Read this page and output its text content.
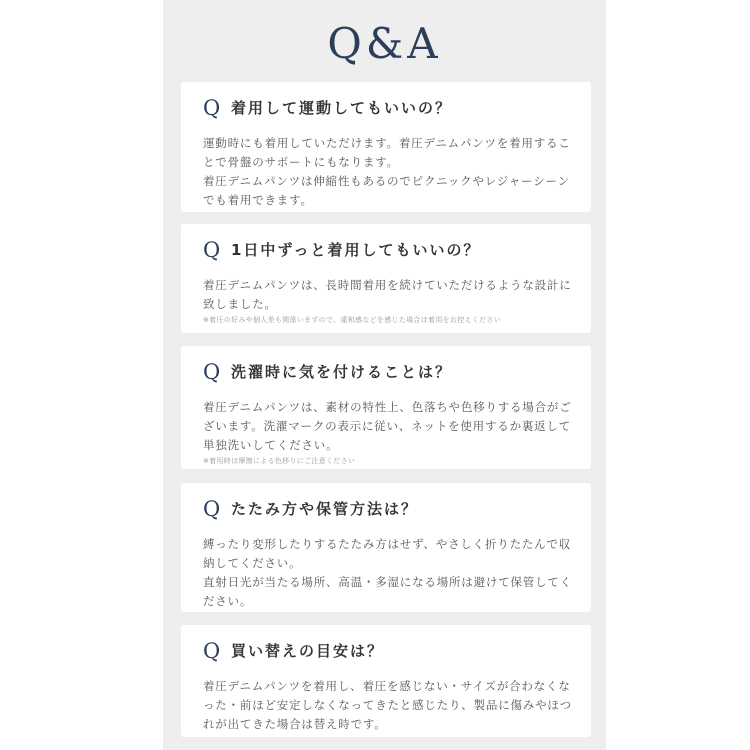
Q&A
Q 着用して運動してもいいの？

運動時にも着用していただけます。着圧デニムパンツを着用することで骨盤のサポートにもなります。

着圧デニムパンツは伸縮性もあるのでピクニックやレジャーシーンでも着用できます。

Q 1日中ずっと着用してもいいの？

着圧デニムパンツは、長時間着用を続けていただけるような設計に致しました。

※着圧の好みや個人差も関係いますので、違和感などを感じた場合は着用をお控えください
Q 洗濯時に気を付けることは？

着圧デニムパンツは、素材の特性上、色落ちや色移りする場合がございます。洗濯マークの表示に従い、ネットを使用するか裏返して単独洗いしてください。

※着用時は摩擦による色移りにご注意ください
Q たたみ方や保管方法は？

縛ったり変形したりするたたみ方はせず、やさしく折りたたんで収納してください。

直射日光が当たる場所、高温・多湿になる場所は避けて保管してください。

Q 買い替えの目安は？

着圧デニムパンツを着用し、着圧を感じない・サイズが合わなくなった・前ほど安定しなくなってきたと感じたり、製品に傷みやほつれが出てきた場合は替え時です。
